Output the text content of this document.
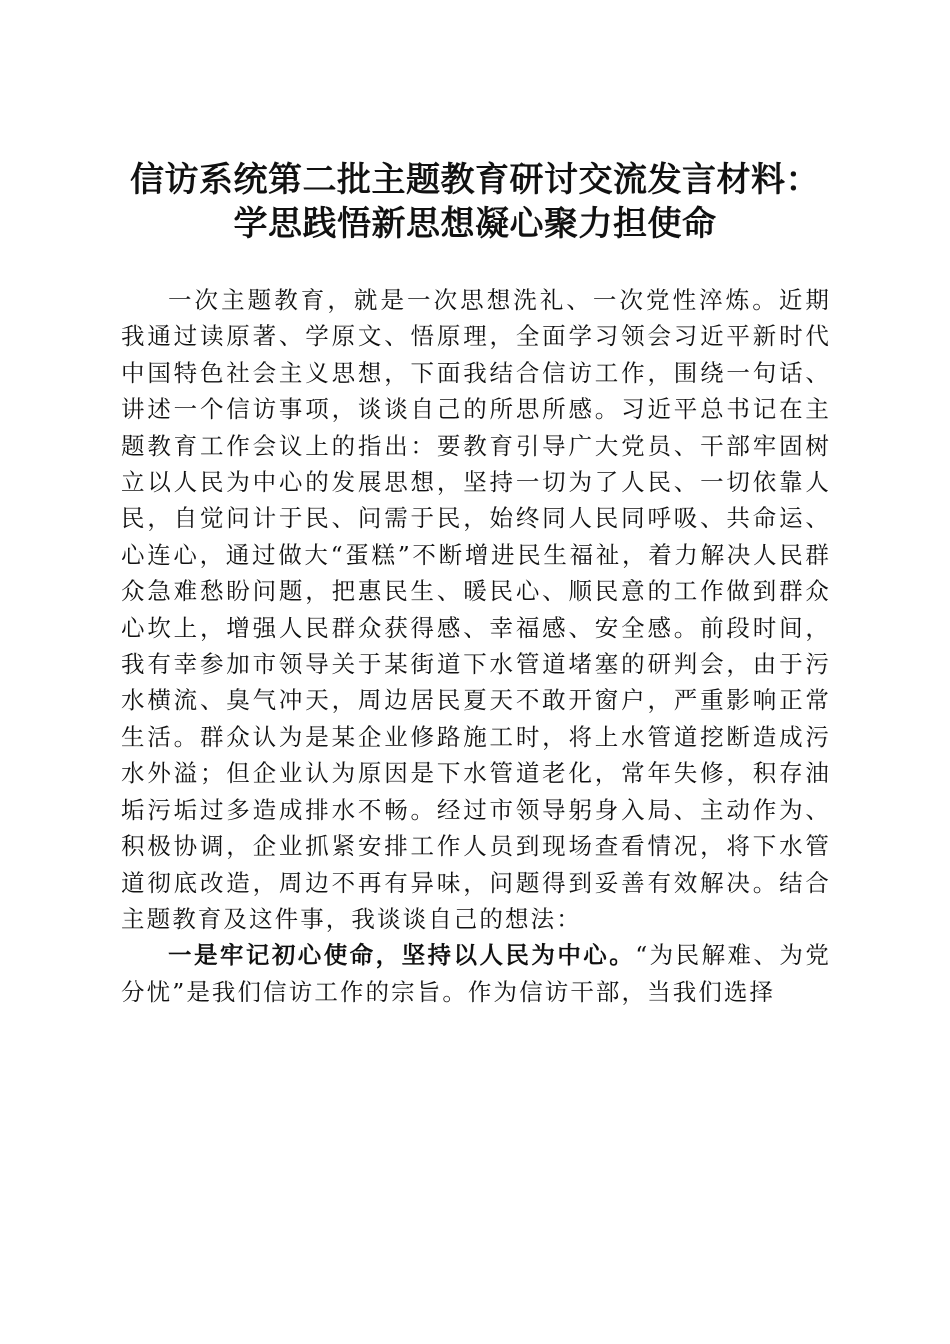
信访系统第二批主题教育研讨交流发言材料：
学思践悟新思想凝心聚力担使命

一次主题教育，就是一次思想洗礼、一次党性淬炼。近期我通过读原著、学原文、悟原理，全面学习领会习近平新时代中国特色社会主义思想，下面我结合信访工作，围绕一句话、讲述一个信访事项，谈谈自己的所思所感。习近平总书记在主题教育工作会议上的指出：要教育引导广大党员、干部牢固树立以人民为中心的发展思想，坚持一切为了人民、一切依靠人民，自觉问计于民、问需于民，始终同人民同呼吸、共命运、心连心，通过做大“蛋糕”不断增进民生福祉，着力解决人民群众急难愁盼问题，把惠民生、暖民心、顺民意的工作做到群众心坎上，增强人民群众获得感、幸福感、安全感。前段时间，我有幸参加市领导关于某街道下水管道堵塞的研判会，由于污水横流、臭气冲天，周边居民夏天不敢开窗户，严重影响正常生活。群众认为是某企业修路施工时，将上水管道挖断造成污水外溢；但企业认为原因是下水管道老化，常年失修，积存油垢污垢过多造成排水不畅。经过市领导躬身入局、主动作为、积极协调，企业抓紧安排工作人员到现场查看情况，将下水管道彻底改造，周边不再有异味，问题得到妥善有效解决。结合主题教育及这件事，我谈谈自己的想法：

一是牢记初心使命，坚持以人民为中心。“为民解难、为党分忧”是我们信访工作的宗旨。作为信访干部，当我们选择
